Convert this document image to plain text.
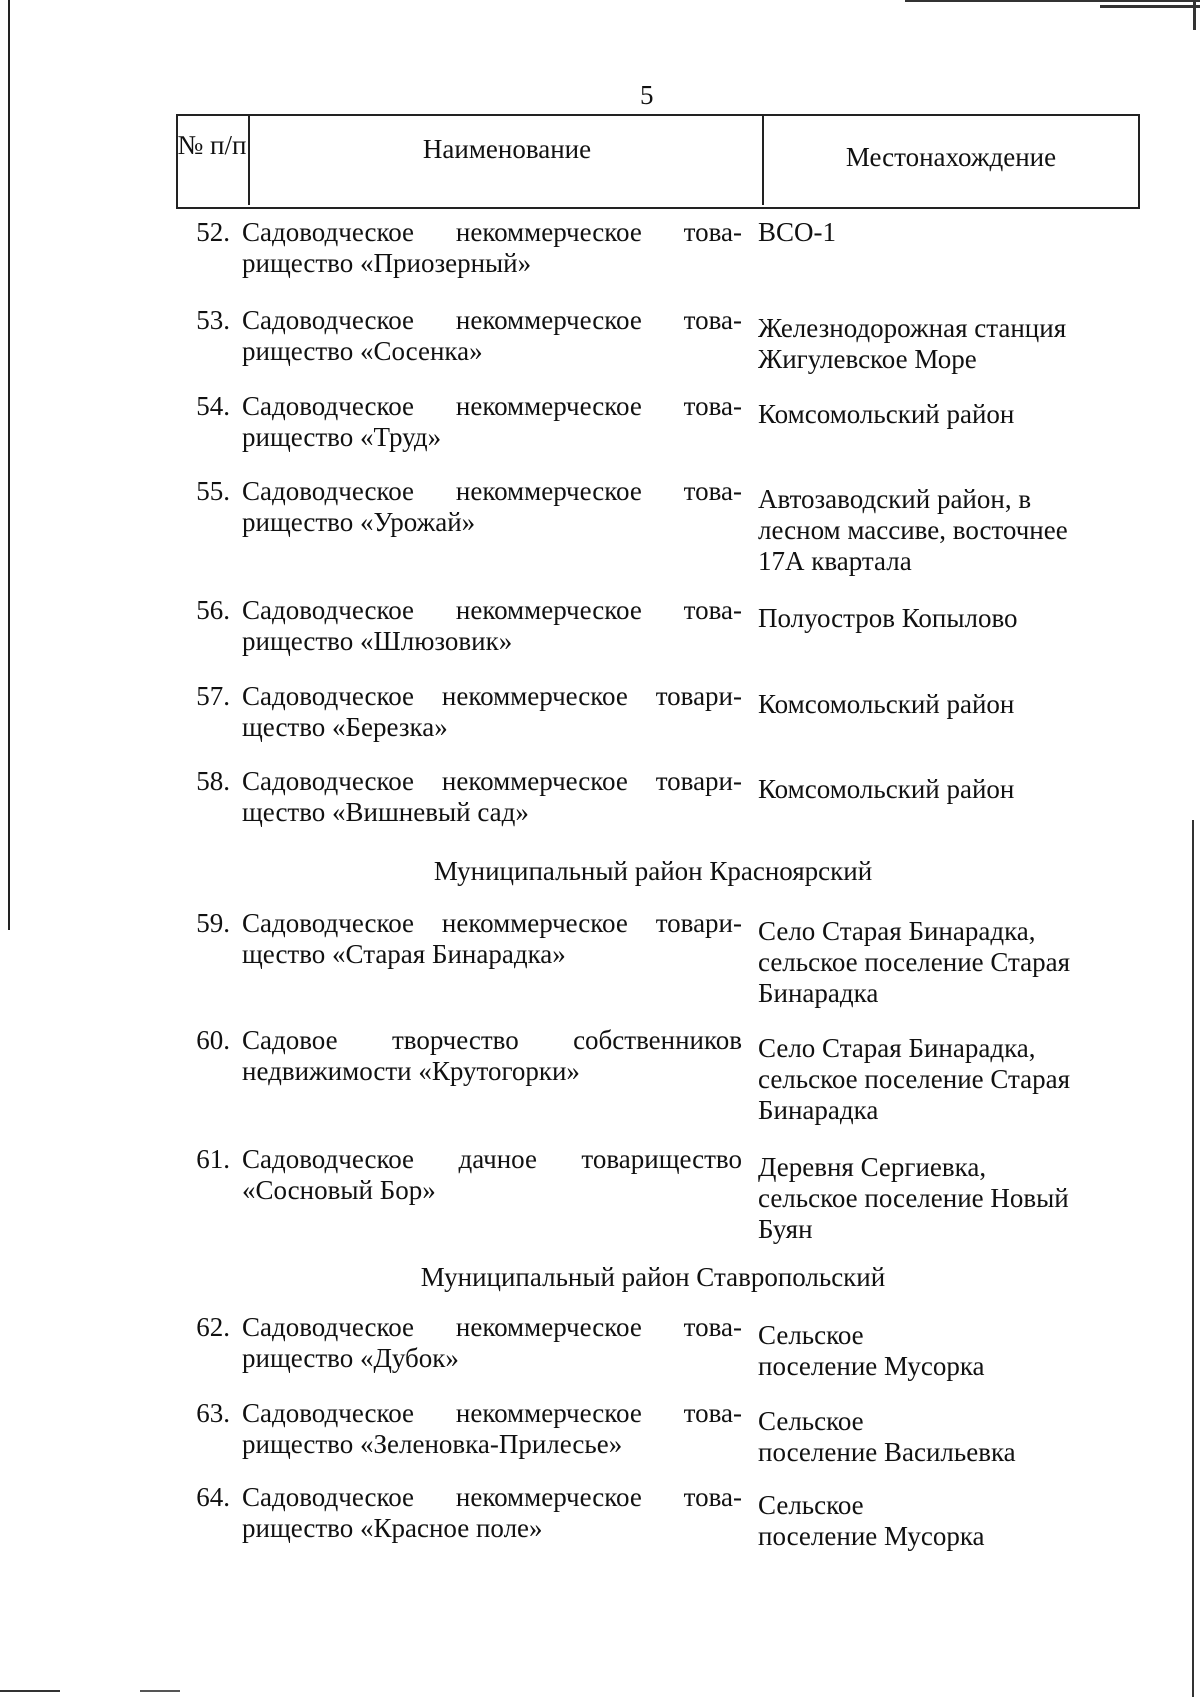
5
№ п/п	Наименование	Местонахождение
52. Садоводческое некоммерческое това-
рищество «Приозерный»
ВСО-1
53. Садоводческое некоммерческое това-
рищество «Сосенка»
Железнодорожная станция
Жигулевское Море
54. Садоводческое некоммерческое това-
рищество «Труд»
Комсомольский район
55. Садоводческое некоммерческое това-
рищество «Урожай»
Автозаводский район, в
лесном массиве, восточнее
17А квартала
56. Садоводческое некоммерческое това-
рищество «Шлюзовик»
Полуостров Копылово
57. Садоводческое некоммерческое товари-
щество «Березка»
Комсомольский район
58. Садоводческое некоммерческое товари-
щество «Вишневый сад»
Комсомольский район
Муниципальный район Красноярский
59. Садоводческое некоммерческое товари-
щество «Старая Бинарадка»
Село Старая Бинарадка,
сельское поселение Старая
Бинарадка
60. Садовое творчество собственников
недвижимости «Крутогорки»
Село Старая Бинарадка,
сельское поселение Старая
Бинарадка
61. Садоводческое дачное товарищество
«Сосновый Бор»
Деревня Сергиевка,
сельское поселение Новый
Буян
Муниципальный район Ставропольский
62. Садоводческое некоммерческое това-
рищество «Дубок»
Сельское
поселение Мусорка
63. Садоводческое некоммерческое това-
рищество «Зеленовка-Прилесье»
Сельское
поселение Васильевка
64. Садоводческое некоммерческое това-
рищество «Красное поле»
Сельское
поселение Мусорка
